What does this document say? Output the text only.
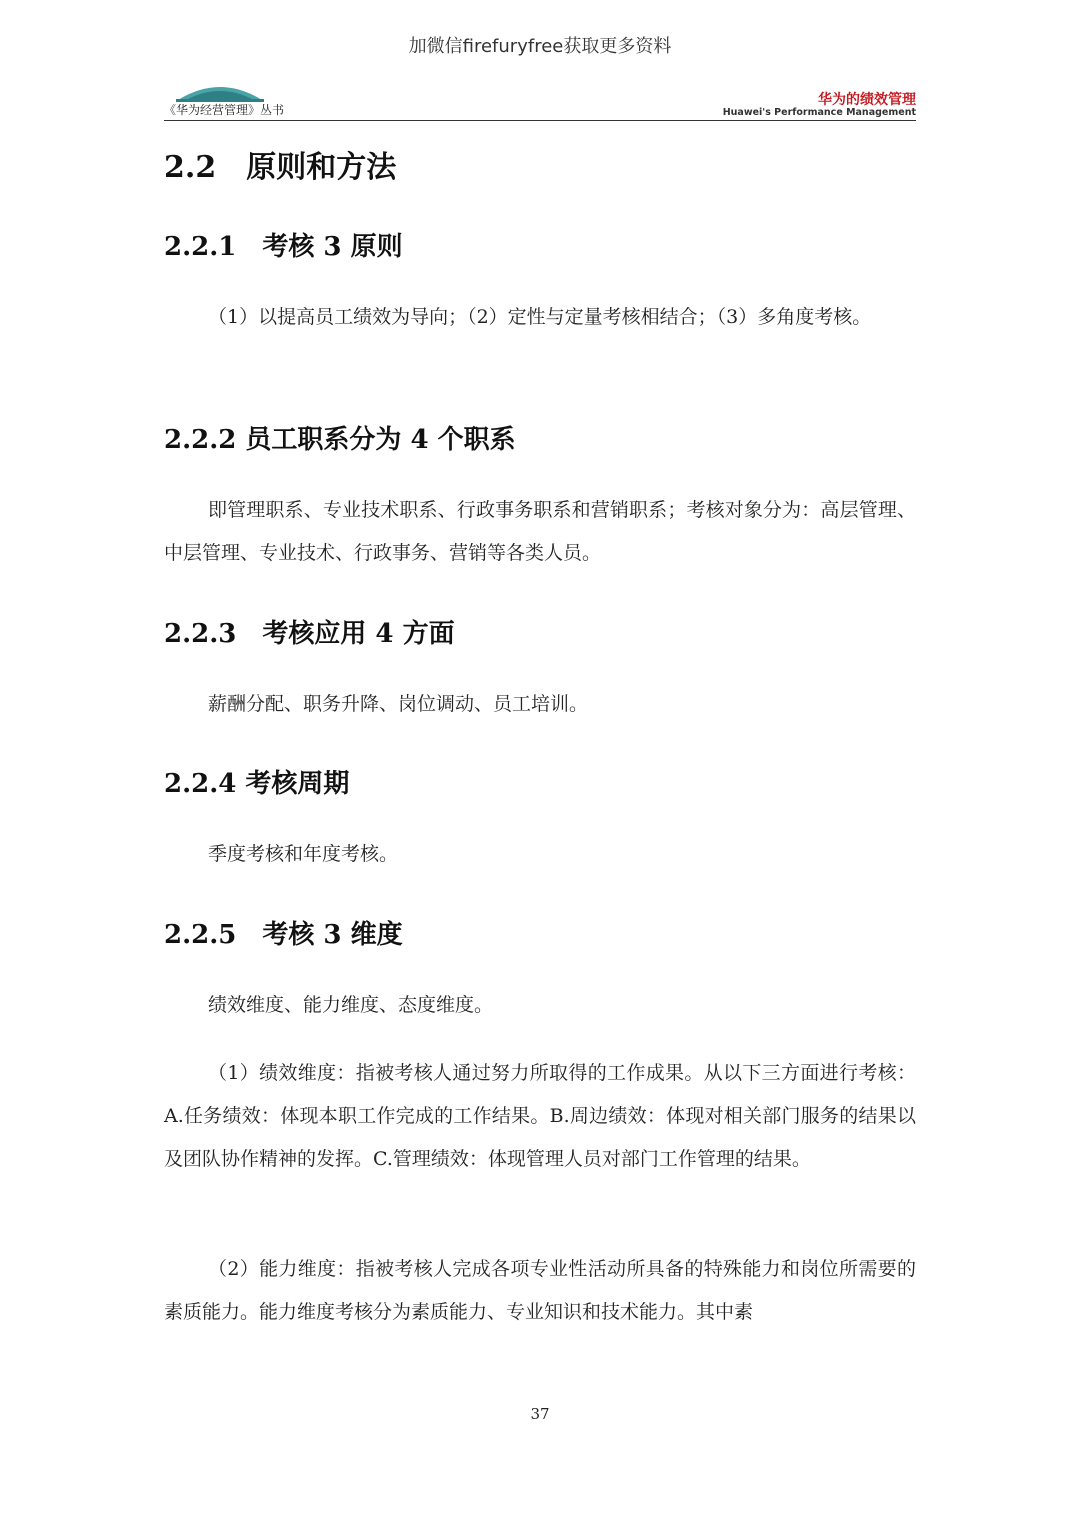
加微信firefuryfree获取更多资料
《华为经营管理》丛书
华为的绩效管理
Huawei's Performance Management
2.2　原则和方法
2.2.1　考核 3 原则
（1）以提高员工绩效为导向；（2）定性与定量考核相结合；（3）多角度考核。
2.2.2 员工职系分为 4 个职系
即管理职系、专业技术职系、行政事务职系和营销职系；考核对象分为：高层管理、中层管理、专业技术、行政事务、营销等各类人员。
2.2.3　考核应用 4 方面
薪酬分配、职务升降、岗位调动、员工培训。
2.2.4 考核周期
季度考核和年度考核。
2.2.5　考核 3 维度
绩效维度、能力维度、态度维度。
（1）绩效维度：指被考核人通过努力所取得的工作成果。从以下三方面进行考核：A.任务绩效：体现本职工作完成的工作结果。B.周边绩效：体现对相关部门服务的结果以及团队协作精神的发挥。C.管理绩效：体现管理人员对部门工作管理的结果。
（2）能力维度：指被考核人完成各项专业性活动所具备的特殊能力和岗位所需要的素质能力。能力维度考核分为素质能力、专业知识和技术能力。其中素
37
